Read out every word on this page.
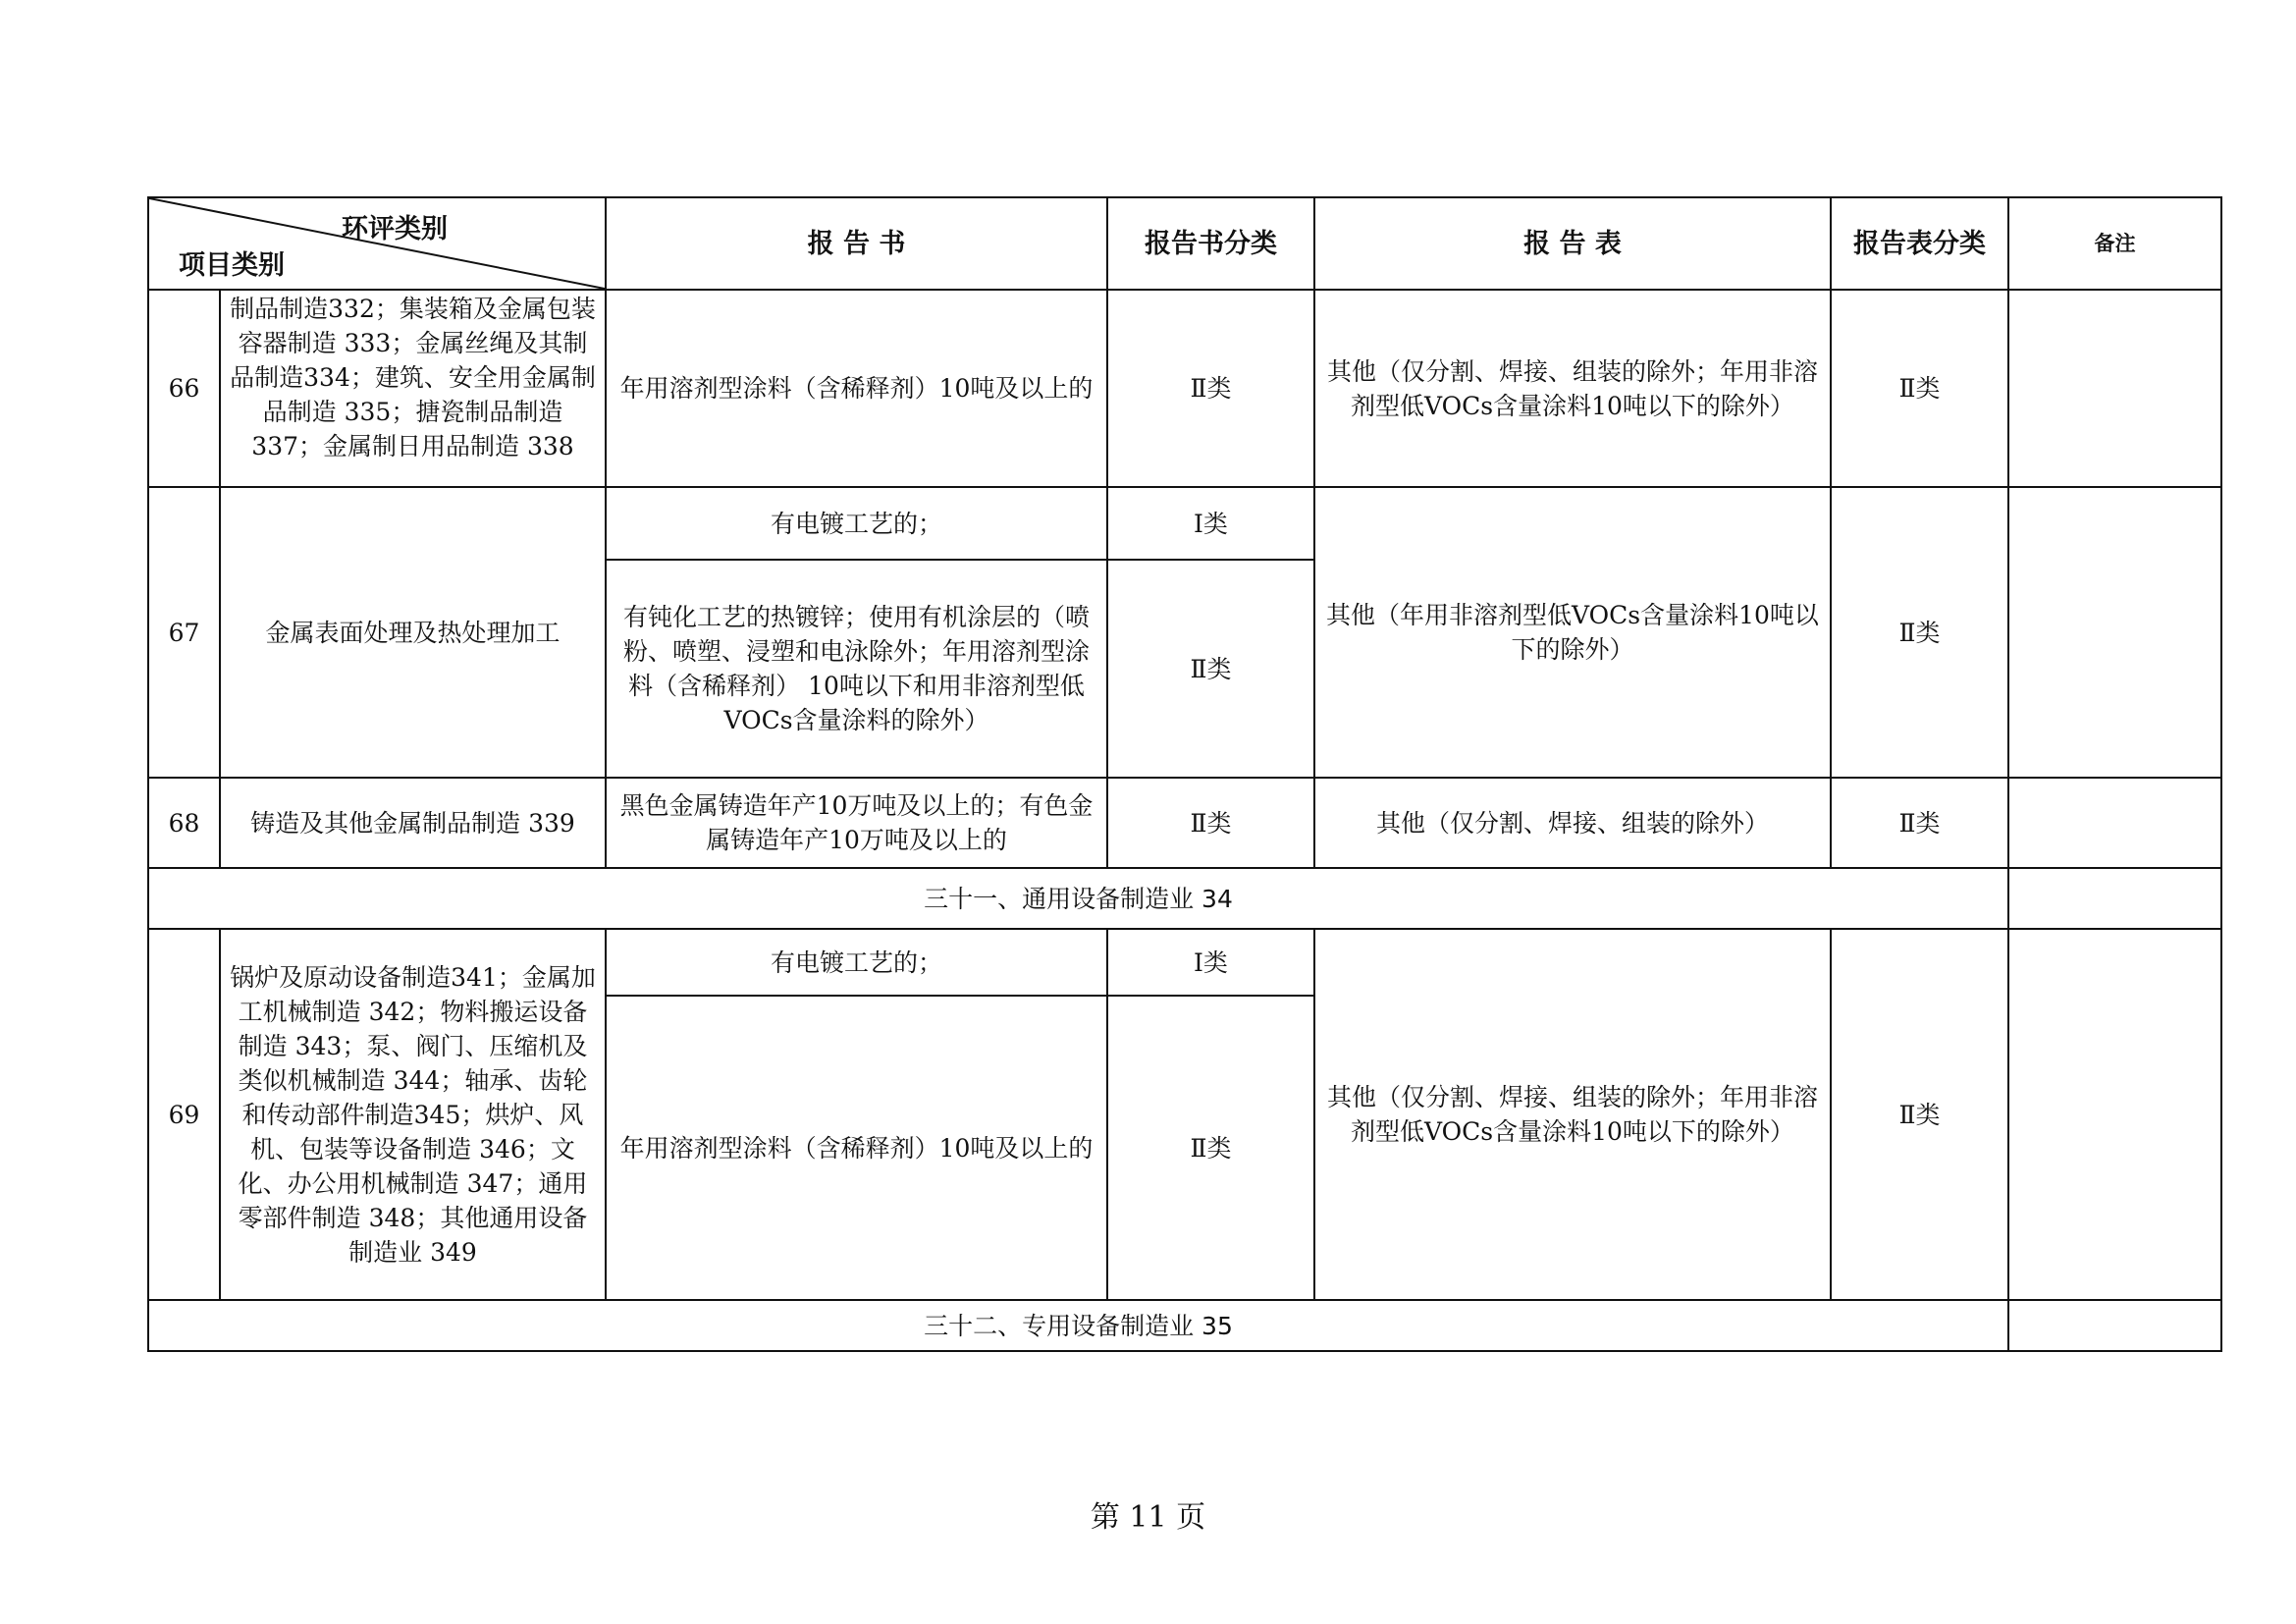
环评类别
项目类别		报 告 书	报告书分类	报 告 表	报告表分类	备注
66	制品制造332；集装箱及金属包装容器制造 333；金属丝绳及其制品制造334；建筑、安全用金属制品制造 335；搪瓷制品制造 337；金属制日用品制造 338	年用溶剂型涂料（含稀释剂）10吨及以上的	Ⅱ类	其他（仅分割、焊接、组装的除外；年用非溶剂型低VOCs含量涂料10吨以下的除外）	Ⅱ类	
67	金属表面处理及热处理加工	有电镀工艺的；	Ⅰ类	其他（年用非溶剂型低VOCs含量涂料10吨以下的除外）	Ⅱ类	
		有钝化工艺的热镀锌；使用有机涂层的（喷粉、喷塑、浸塑和电泳除外；年用溶剂型涂料（含稀释剂） 10吨以下和用非溶剂型低VOCs含量涂料的除外）	Ⅱ类			
68	铸造及其他金属制品制造 339	黑色金属铸造年产10万吨及以上的；有色金属铸造年产10万吨及以上的	Ⅱ类	其他（仅分割、焊接、组装的除外）	Ⅱ类	
三十一、通用设备制造业 34						
69	锅炉及原动设备制造341；金属加工机械制造 342；物料搬运设备制造 343；泵、阀门、压缩机及类似机械制造 344；轴承、齿轮和传动部件制造345；烘炉、风机、包装等设备制造 346；文化、办公用机械制造 347；通用零部件制造 348；其他通用设备制造业 349	有电镀工艺的；	Ⅰ类	其他（仅分割、焊接、组装的除外；年用非溶剂型低VOCs含量涂料10吨以下的除外）	Ⅱ类	
		年用溶剂型涂料（含稀释剂）10吨及以上的	Ⅱ类			
三十二、专用设备制造业 35						
第 11 页
